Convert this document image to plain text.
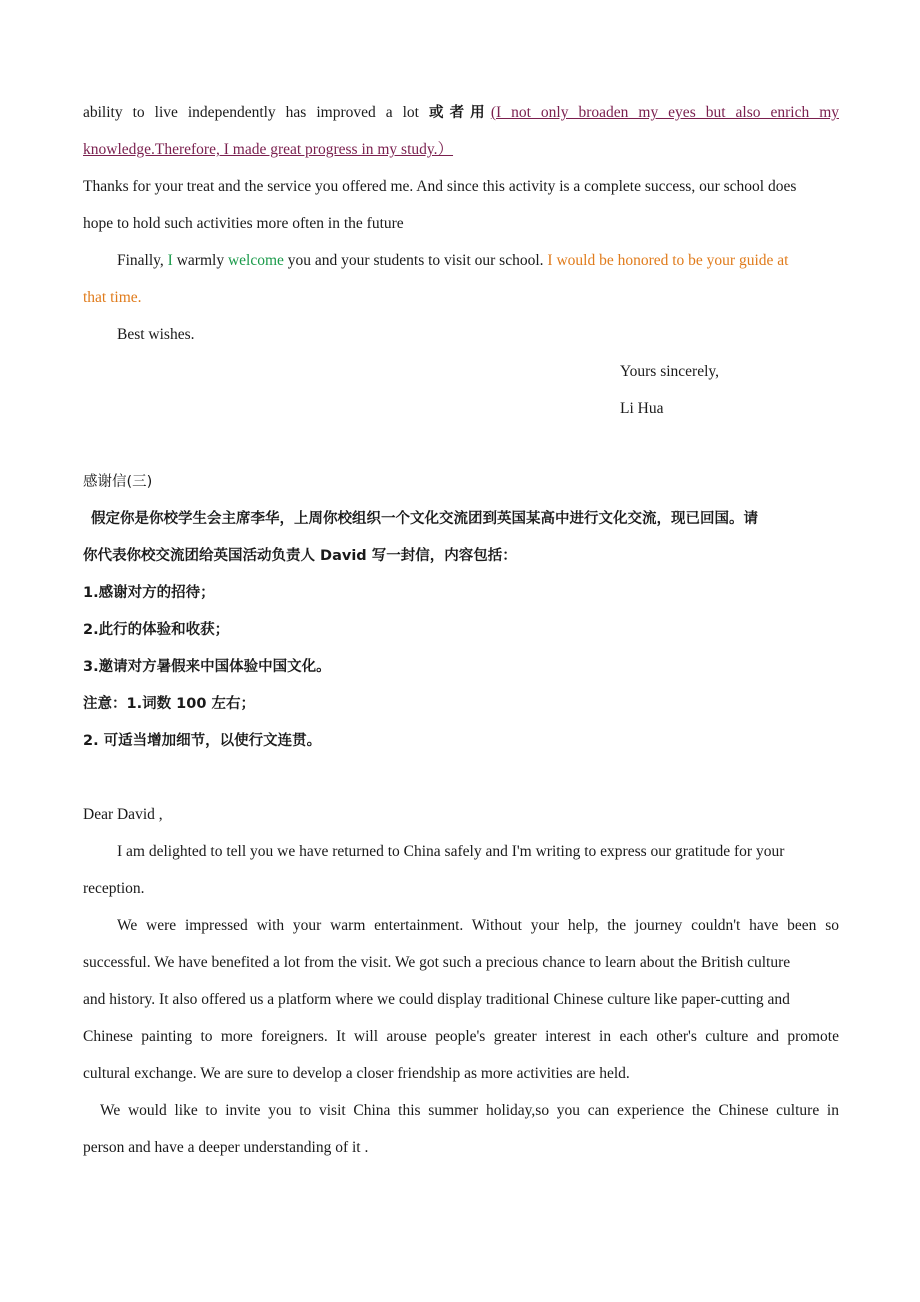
ability to live independently has improved a lot 或者用(I not only broaden my eyes but also enrich my
knowledge.Therefore, I made great progress in my study.）
Thanks for your treat and the service you offered me. And since this activity is a complete success, our school does
hope to hold such activities more often in the future
Finally, I warmly welcome you and your students to visit our school. I would be honored to be your guide at
that time.
Best wishes.
Yours sincerely,
Li Hua
感谢信(三)
假定你是你校学生会主席李华，上周你校组织一个文化交流团到英国某高中进行文化交流，现已回国。请
你代表你校交流团给英国活动负责人 David 写一封信，内容包括：
1.感谢对方的招待；
2.此行的体验和收获；
3.邀请对方暑假来中国体验中国文化。
注意：1.词数 100 左右；
2. 可适当增加细节，以使行文连贯。
Dear David ,
I am delighted to tell you we have returned to China safely and I'm writing to express our gratitude for your
reception.
We were impressed with your warm entertainment. Without your help, the journey couldn't have been so
successful. We have benefited a lot from the visit. We got such a precious chance to learn about the British culture
and history. It also offered us a platform where we could display traditional Chinese culture like paper-cutting and
Chinese painting to more foreigners. It will arouse people's greater interest in each other's culture and promote
cultural exchange. We are sure to develop a closer friendship as more activities are held.
We would like to invite you to visit China this summer holiday,so you can experience the Chinese culture in
person and have a deeper understanding of it .
